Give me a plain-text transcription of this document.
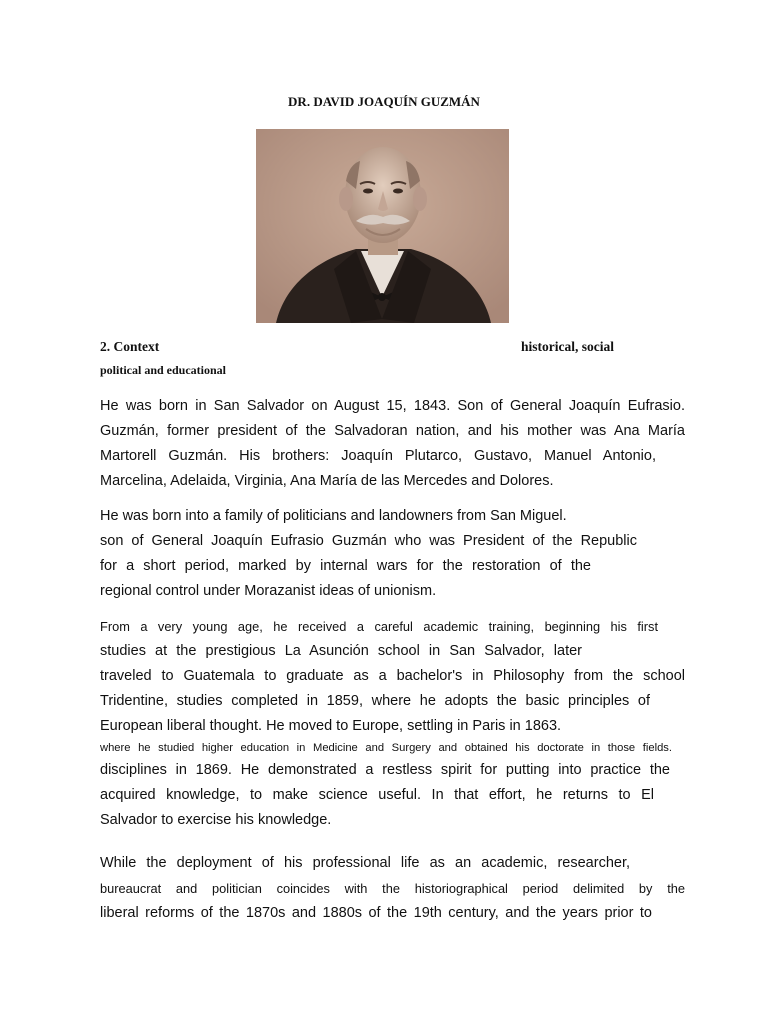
DR. DAVID JOAQUÍN GUZMÁN
2. Context	historical, social
political and educational
He was born in San Salvador on August 15, 1843. Son of General Joaquín Eufrasio.
Guzmán, former president of the Salvadoran nation, and his mother was Ana María
Martorell Guzmán. His brothers: Joaquín Plutarco, Gustavo, Manuel Antonio,
Marcelina, Adelaida, Virginia, Ana María de las Mercedes and Dolores.
He was born into a family of politicians and landowners from San Miguel.
son of General Joaquín Eufrasio Guzmán who was President of the Republic
for a short period, marked by internal wars for the restoration of the
regional control under Morazanist ideas of unionism.
From a very young age, he received a careful academic training, beginning his first
studies at the prestigious La Asunción school in San Salvador, later
traveled to Guatemala to graduate as a bachelor's in Philosophy from the school
Tridentine, studies completed in 1859, where he adopts the basic principles of
European liberal thought. He moved to Europe, settling in Paris in 1863.
where he studied higher education in Medicine and Surgery and obtained his doctorate in those fields.
disciplines in 1869. He demonstrated a restless spirit for putting into practice the
acquired knowledge, to make science useful. In that effort, he returns to El
Salvador to exercise his knowledge.
While the deployment of his professional life as an academic, researcher,
bureaucrat and politician coincides with the historiographical period delimited by the
liberal reforms of the 1870s and 1880s of the 19th century, and the years prior to
